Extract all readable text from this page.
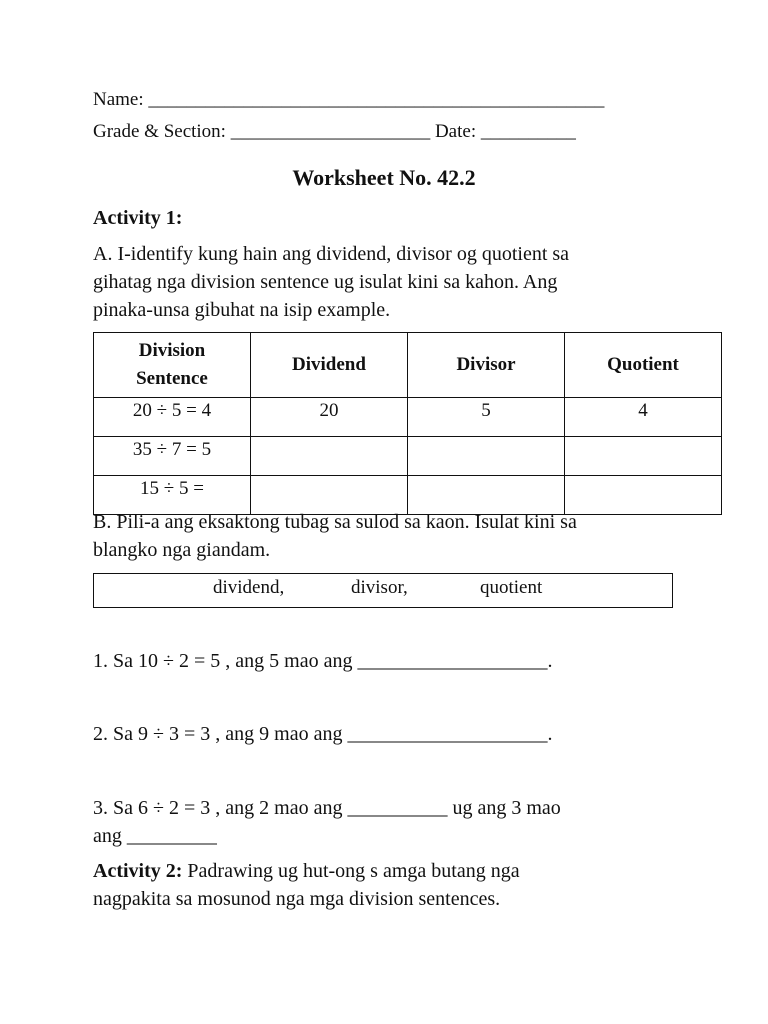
Name: ________________________________________________
Grade & Section: _____________________ Date: __________
Worksheet No. 42.2
Activity 1:
A. I-identify kung hain ang dividend, divisor og quotient sa
gihatag nga division sentence ug isulat kini sa kahon. Ang
pinaka-unsa gibuhat na isip example.
Division
Sentence	Dividend	Divisor	Quotient
20 ÷ 5 = 4	20	5	4
35 ÷ 7 = 5			
15 ÷ 5 =			
B. Pili-a ang eksaktong tubag sa sulod sa kaon. Isulat kini sa
blangko nga giandam.
dividend,	divisor,	quotient
1. Sa 10 ÷ 2 = 5 , ang 5 mao ang ___________________.
2. Sa 9 ÷ 3 = 3 , ang 9 mao ang ____________________.
3. Sa 6 ÷ 2 = 3 , ang 2 mao ang __________ ug ang 3 mao
ang _________
Activity 2: Padrawing ug hut-ong s amga butang nga
nagpakita sa mosunod nga mga division sentences.
